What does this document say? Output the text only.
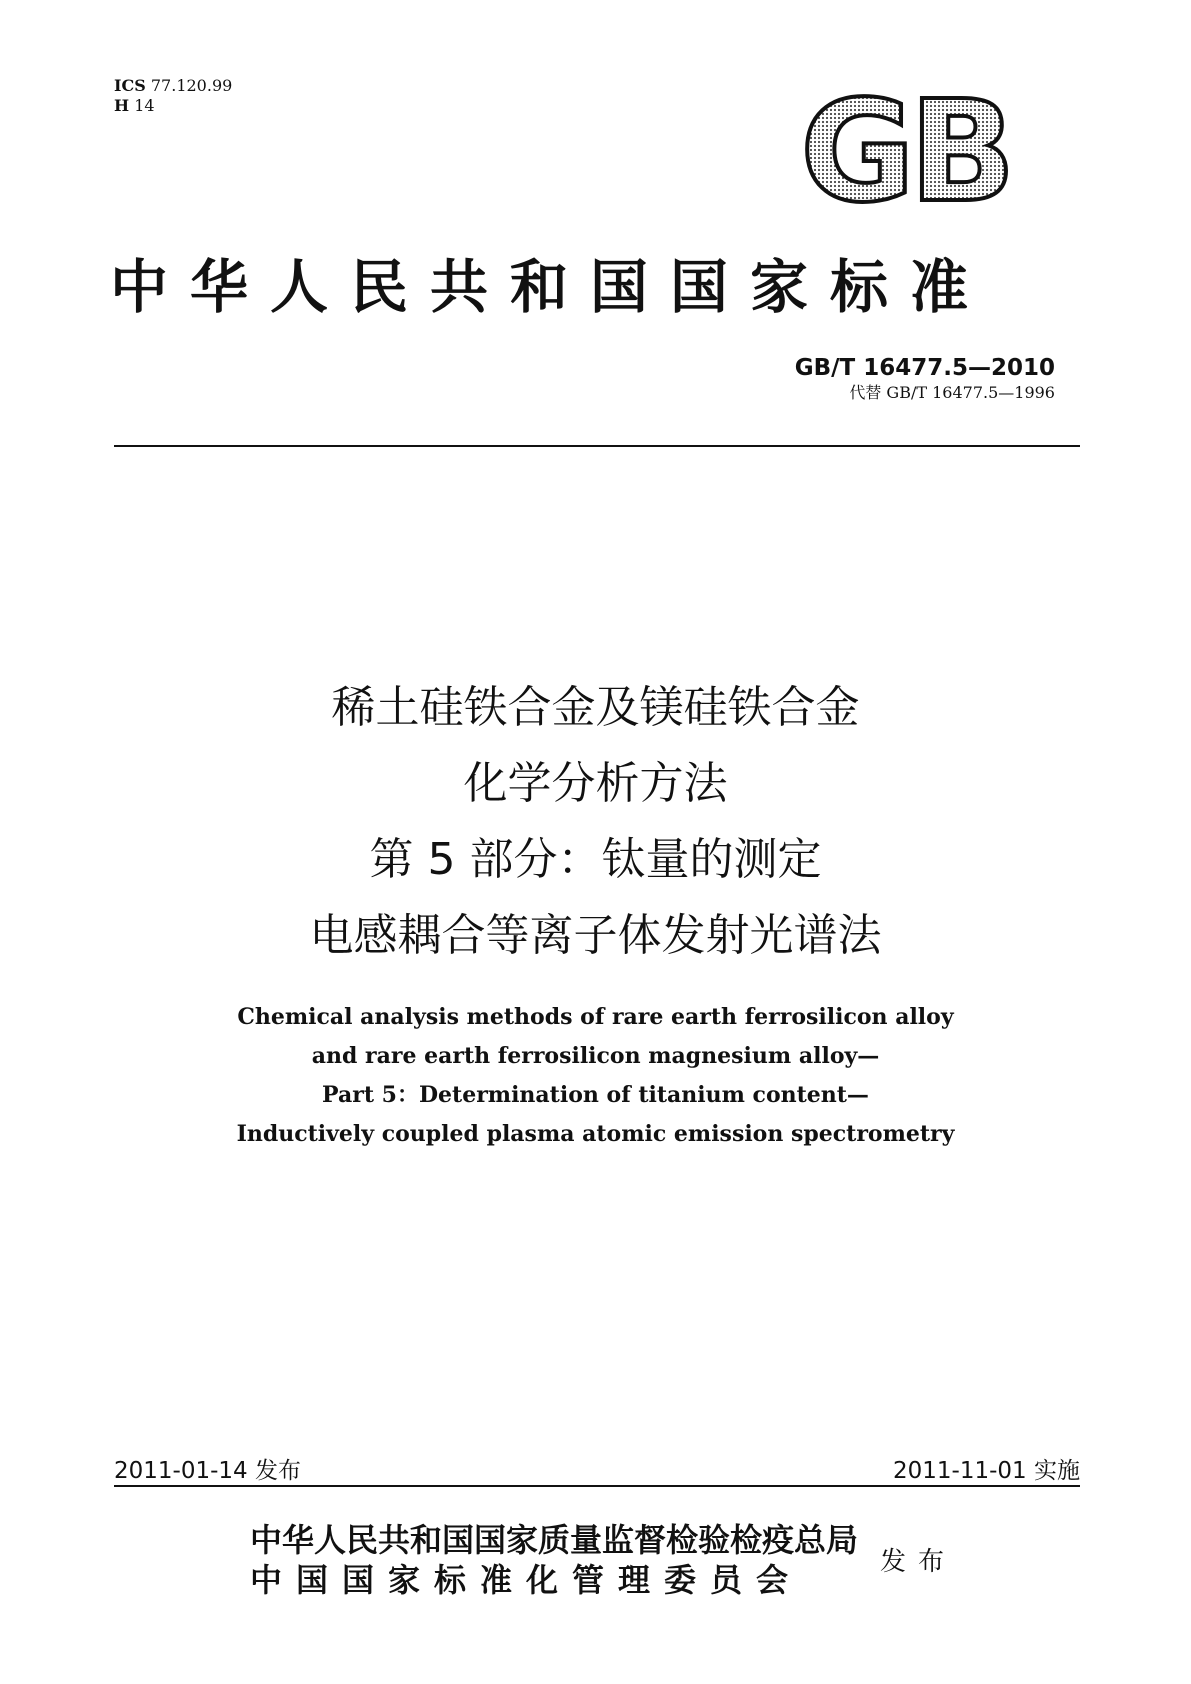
ICS 77.120.99
H 14	GB
中华人民共和国国家标准
GB/T 16477.5—2010
代替 GB/T 16477.5—1996
稀土硅铁合金及镁硅铁合金
化学分析方法
第 5 部分：钛量的测定
电感耦合等离子体发射光谱法
Chemical analysis methods of rare earth ferrosilicon alloy
and rare earth ferrosilicon magnesium alloy—
Part 5：Determination of titanium content—
Inductively coupled plasma atomic emission spectrometry
2011-01-14 发布	2011-11-01 实施
中华人民共和国国家质量监督检验检疫总局
中国国家标准化管理委员会	发布
